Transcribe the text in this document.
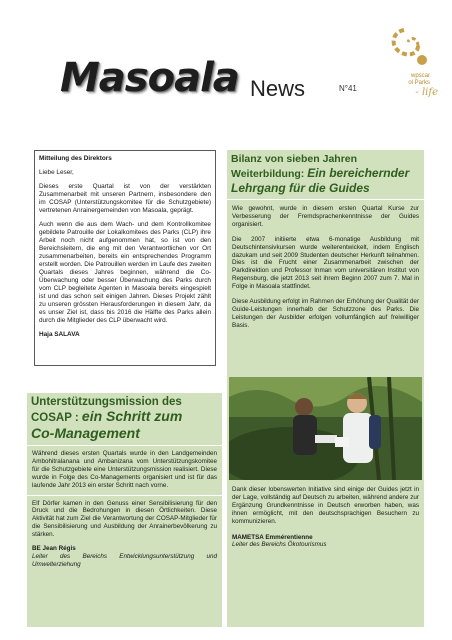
Masoala News	N°41
wpscar
ol Parks
- life

Mitteilung des Direktors

Liebe Leser,

Dieses erste Quartal ist von der verstärkten Zusammenarbeit mit unseren Partnern, insbesondere den im COSAP (Unterstützungskomitee für die Schutzgebiete) vertretenen Anrainergemeinden von Masoala, geprägt.

Auch wenn die aus dem Wach- und dem Kontrollkomitee gebildete Patrouille der Lokalkomitees des Parks (CLP) ihre Arbeit noch nicht aufgenommen hat, so ist von den Bereichsleitern, die eng mit den Verantwortlichen vor Ort zusammenarbeiten, bereits ein entsprechendes Programm erstellt worden. Die Patrouillen werden im Laufe des zweiten Quartals dieses Jahres beginnen, während die Co-Überwachung oder besser Überwachung des Parks durch vom CLP begleitete Agenten in Masoala bereits eingespielt ist und das schon seit einigen Jahren. Dieses Projekt zählt zu unseren grössten Herausforderungen in diesem Jahr, da es unser Ziel ist, dass bis 2016 die Hälfte des Parks allein durch die Mitglieder des CLP überwacht wird.

Haja SALAVA

Unterstützungsmission des
COSAP : ein Schritt zum
Co-Management

Während dieses ersten Quartals wurde in den Landgemeinden Ambohitralanana und Ambanizana vom Unterstützungskomitee für die Schutzgebiete eine Unterstützungsmission realisiert. Diese wurde in Folge des Co-Managements organisiert und ist für das laufende Jahr 2013 ein erster Schritt nach vorne.

Elf Dörfer kamen in den Genuss einer Sensibilisierung für den Druck und die Bedrohungen in diesen Örtlichkeiten. Diese Aktivität hat zum Ziel die Verantwortung der COSAP-Mitglieder für die Sensibilisierung und Ausbildung der Anrainerbevölkerung zu stärken.

BE Jean Régis

Leiter des Bereichs Entwicklungsunterstützung und Umwelterziehung

Bilanz von sieben Jahren
Weiterbildung: Ein bereichernder
Lehrgang für die Guides

Wie gewohnt, wurde in diesem ersten Quartal Kurse zur Verbesserung der Fremdsprachenkenntnisse der Guides organisiert.

Die 2007 initiierte etwa 6-monatige Ausbildung mit Deutschintensivkursen wurde weiterentwickelt, indem Englisch dazukam und seit 2009 Studenten deutscher Herkunft teilnahmen. Dies ist die Frucht einer Zusammenarbeit zwischen der Parkdirektion und Professor Inman vom universitären Institut von Regensburg, die jetzt 2013 seit ihrem Beginn 2007 zum 7. Mal in Folge in Masoala stattfindet.

Diese Ausbildung erfolgt im Rahmen der Erhöhung der Qualität der Guide-Leistungen innerhalb der Schutzzone des Parks. Die Leistungen der Ausbilder erfolgen vollumfänglich auf freiwilliger Basis.

Dank dieser lobenswerten Initiative sind einige der Guides jetzt in der Lage, vollständig auf Deutsch zu arbeiten, während andere zur Ergänzung Grundkenntnisse in Deutsch erworben haben, was ihnen ermöglicht, mit den deutschsprachigen Besuchern zu kommunizieren.

MAMETSA Emmérentienne

Leiter des Bereichs Ökotourismus
